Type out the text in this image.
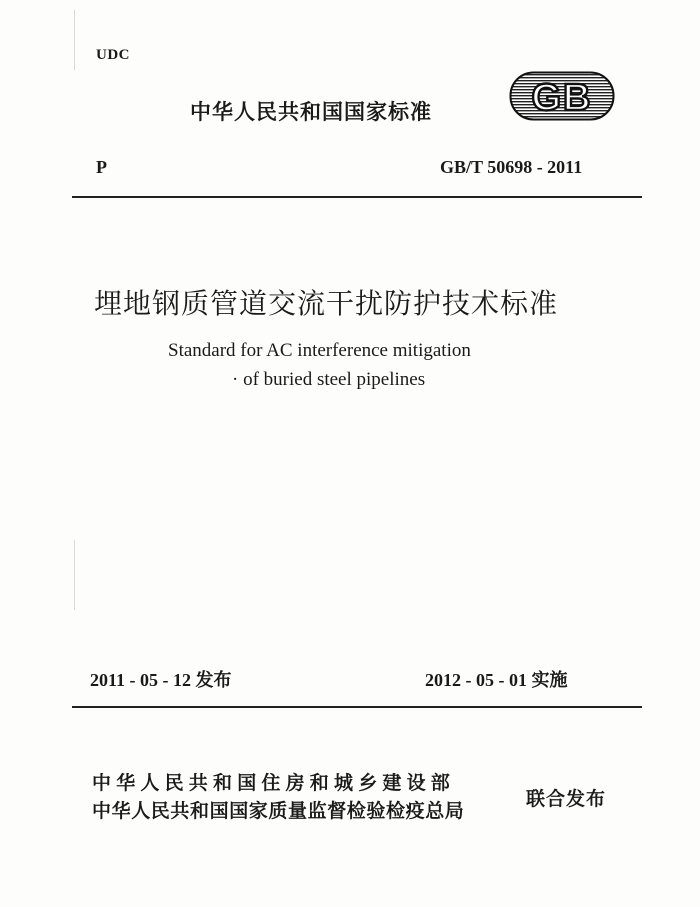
UDC
中华人民共和国国家标准	GB
P	GB/T 50698 - 2011
埋地钢质管道交流干扰防护技术标准
Standard for AC interference mitigation
· of buried steel pipelines
2011 - 05 - 12 发布	2012 - 05 - 01 实施
中华人民共和国住房和城乡建设部
中华人民共和国国家质量监督检验检疫总局
联合发布
